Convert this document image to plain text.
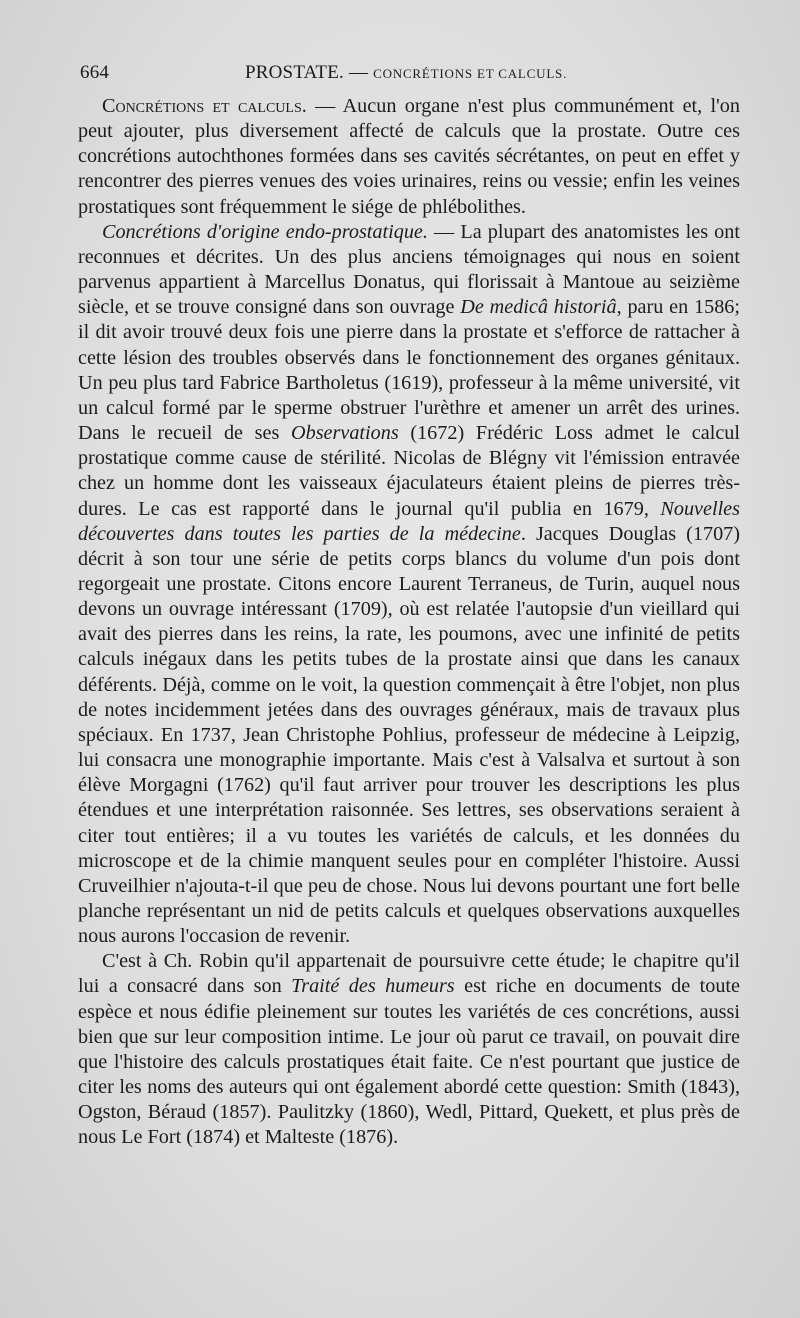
664	PROSTATE. — CONCRÉTIONS ET CALCULS.

Concrétions et calculs. — Aucun organe n'est plus communément et, l'on peut ajouter, plus diversement affecté de calculs que la prostate. Outre ces concrétions autochthones formées dans ses cavités sécrétantes, on peut en effet y rencontrer des pierres venues des voies urinaires, reins ou vessie; enfin les veines prostatiques sont fréquemment le siége de phlébolithes.

Concrétions d'origine endo-prostatique. — La plupart des anatomistes les ont reconnues et décrites. Un des plus anciens témoignages qui nous en soient parvenus appartient à Marcellus Donatus, qui florissait à Mantoue au seizième siècle, et se trouve consigné dans son ouvrage De medicâ historiâ, paru en 1586; il dit avoir trouvé deux fois une pierre dans la prostate et s'efforce de rattacher à cette lésion des troubles observés dans le fonctionnement des organes génitaux. Un peu plus tard Fabrice Bartholetus (1619), professeur à la même université, vit un calcul formé par le sperme obstruer l'urèthre et amener un arrêt des urines. Dans le recueil de ses Observations (1672) Frédéric Loss admet le calcul prostatique comme cause de stérilité. Nicolas de Blégny vit l'émission entravée chez un homme dont les vaisseaux éjaculateurs étaient pleins de pierres très-dures. Le cas est rapporté dans le journal qu'il publia en 1679, Nouvelles découvertes dans toutes les parties de la médecine. Jacques Douglas (1707) décrit à son tour une série de petits corps blancs du volume d'un pois dont regorgeait une prostate. Citons encore Laurent Terraneus, de Turin, auquel nous devons un ouvrage intéressant (1709), où est relatée l'autopsie d'un vieillard qui avait des pierres dans les reins, la rate, les poumons, avec une infinité de petits calculs inégaux dans les petits tubes de la prostate ainsi que dans les canaux déférents. Déjà, comme on le voit, la question commençait à être l'objet, non plus de notes incidemment jetées dans des ouvrages généraux, mais de travaux plus spéciaux. En 1737, Jean Christophe Pohlius, professeur de médecine à Leipzig, lui consacra une monographie importante. Mais c'est à Valsalva et surtout à son élève Morgagni (1762) qu'il faut arriver pour trouver les descriptions les plus étendues et une interprétation raisonnée. Ses lettres, ses observations seraient à citer tout entières; il a vu toutes les variétés de calculs, et les données du microscope et de la chimie manquent seules pour en compléter l'histoire. Aussi Cruveilhier n'ajouta-t-il que peu de chose. Nous lui devons pourtant une fort belle planche représentant un nid de petits calculs et quelques observations auxquelles nous aurons l'occasion de revenir.

C'est à Ch. Robin qu'il appartenait de poursuivre cette étude; le chapitre qu'il lui a consacré dans son Traité des humeurs est riche en documents de toute espèce et nous édifie pleinement sur toutes les variétés de ces concrétions, aussi bien que sur leur composition intime. Le jour où parut ce travail, on pouvait dire que l'histoire des calculs prostatiques était faite. Ce n'est pourtant que justice de citer les noms des auteurs qui ont également abordé cette question: Smith (1843), Ogston, Béraud (1857). Paulitzky (1860), Wedl, Pittard, Quekett, et plus près de nous Le Fort (1874) et Malteste (1876).
